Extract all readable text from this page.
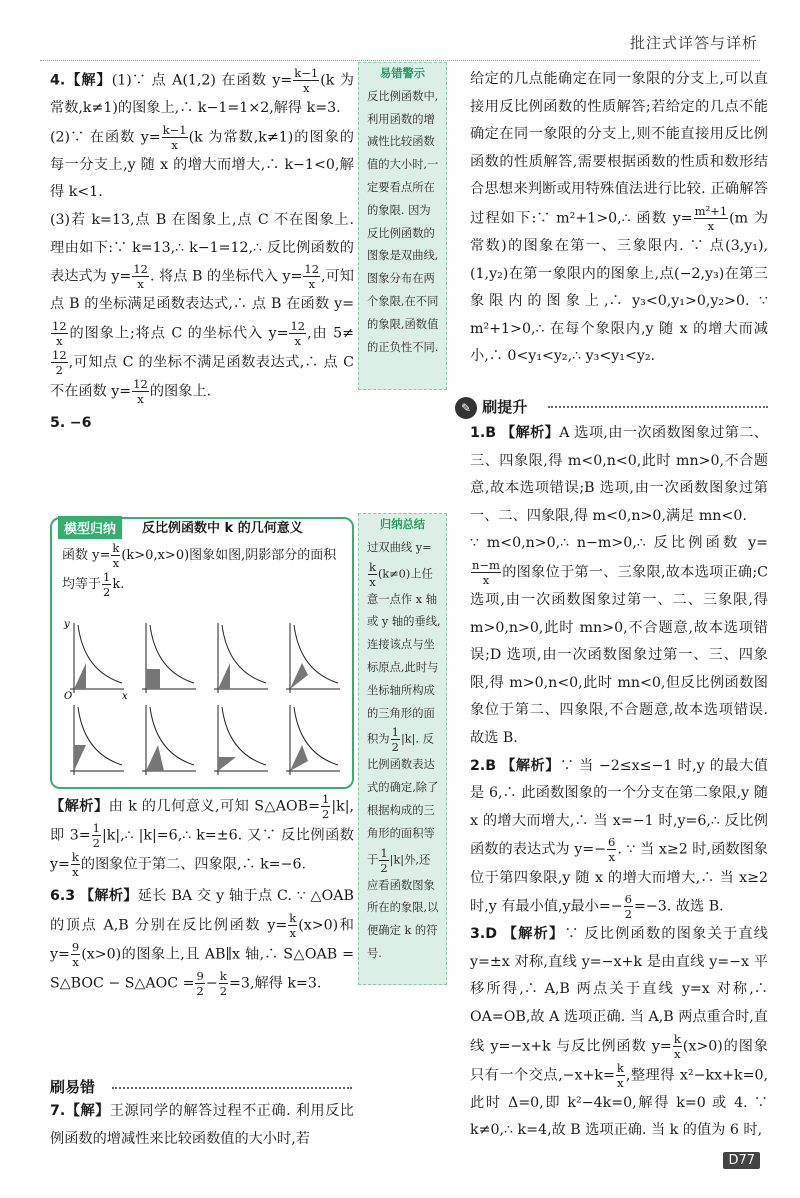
批注式详答与详析

4.【解】(1)∵ 点 A(1,2) 在函数 $y= \frac{k-1}{x} (k$ 为常数,k≠1)的图象上,∴ k−1=1×2,解得 k=3.

(2)∵ 在函数 $y= \frac{k-1}{x} (k$ 为常数,k≠1)的图象的每一分支上,y 随 x 的增大而增大,∴ k−1<0,解得 k<1.

(3)若 k=13,点 B 在图象上,点 C 不在图象上. 理由如下:∵ k=13,∴ k−1=12,∴ 反比例函数的表达式为 $y= \frac{12}{x}$ . 将点 B 的坐标代入 $y= \frac{12}{x}$ ,可知点 B 的坐标满足函数表达式,∴ 点 B 在函数 y=
$\frac{12}{x}$ 的图象上;将点 C 的坐标代入 $y= \frac{12}{x}$ ,由 5≠
$\frac{12}{2}$ ,可知点 C 的坐标不满足函数表达式,∴ 点 C 不在函数 $y= \frac{12}{x}$ 的图象上.

5. −6

模型归纳	反比例函数中 k 的几何意义
函数 $y= \frac{k}{x} (k>0,x>0)$图象如图,阴影部分的面积均等于 $\frac{1}{2} k$.
y
x
O

【解析】由 k 的几何意义,可知 S△AOB= $\frac{1}{2} |k|$,即 $3= \frac{1}{2}$ |k|,∴ |k|=6,∴ k=±6. 又∵ 反比例函数 $y= \frac{k}{x}$ 的图象位于第二、四象限,∴ k=−6.

6.3 【解析】延长 BA 交 y 轴于点 C. ∵ △OAB 的顶点 A,B 分别在反比例函数 $y= \frac{k}{x} (x>0)$和 $y= \frac{9}{x} (x>0)$的图象上,且 AB∥x 轴,∴ S△OAB = S△BOC − S△AOC = $\frac{9}{2} - \frac{k}{2} =3$,解得 k=3.

刷易错

7.【解】王源同学的解答过程不正确. 利用反比例函数的增减性来比较函数值的大小时,若

易错警示
反比例函数中,利用函数的增减性比较函数值的大小时,一定要看点所在的象限. 因为反比例函数的图象是双曲线,图象分布在两个象限,在不同的象限,函数值的正负性不同.
归纳总结
过双曲线 y=
$\frac{k}{x} (k\ne 0)$上任意一点作 x 轴或 y 轴的垂线,连接该点与坐标原点,此时与坐标轴所构成的三角形的面积为 $\frac{1}{2} |k|$. 反比例函数表达式的确定,除了根据构成的三角形的面积等于 $\frac{1}{2} |k|$外,还应看函数图象所在的象限,以便确定 k 的符号.

给定的几点能确定在同一象限的分支上,可以直接用反比例函数的性质解答;若给定的几点不能确定在同一象限的分支上,则不能直接用反比例函数的性质解答,需要根据函数的性质和数形结合思想来判断或用特殊值法进行比较. 正确解答过程如下:∵ m²+1>0,∴ 函数 $y= \frac{\text{m²+1}}{x} (m$ 为常数)的图象在第一、三象限内. ∵ 点(3,y₁),(1,y₂)在第一象限内的图象上,点(−2,y₃)在第三象限内的图象上,∴ y₃<0,y₁>0,y₂>0. ∵ m²+1>0,∴ 在每个象限内,y 随 x 的增大而减小,∴ 0<y₁<y₂,∴ y₃<y₁<y₂.

✎ 刷提升

1.B 【解析】A 选项,由一次函数图象过第二、三、四象限,得 m<0,n<0,此时 mn>0,不合题意,故本选项错误;B 选项,由一次函数图象过第一、二、四象限,得 m<0,n>0,满足 mn<0.

∵ m<0,n>0,∴ n−m>0,∴ 反比例函数 y=
$\frac{n-m}{x}$ 的图象位于第一、三象限,故本选项正确;C 选项,由一次函数图象过第一、二、三象限,得 m>0,n>0,此时 mn>0,不合题意,故本选项错误;D 选项,由一次函数图象过第一、三、四象限,得 m>0,n<0,此时 mn<0,但反比例函数图象位于第二、四象限,不合题意,故本选项错误. 故选 B.

2.B 【解析】∵ 当 −2≤x≤−1 时,y 的最大值是 6,∴ 此函数图象的一个分支在第二象限,y 随 x 的增大而增大,∴ 当 x=−1 时,y=6,∴ 反比例函数的表达式为 $y=- \frac{6}{x}$ . ∵ 当 x≥2 时,函数图象位于第四象限,y 随 x 的增大而增大,∴ 当 x≥2 时,y 有最小值,y最小=− $\frac{6}{2} =-3$. 故选 B.

3.D 【解析】∵ 反比例函数的图象关于直线 y=±x 对称,直线 y=−x+k 是由直线 y=−x 平移所得,∴ A,B 两点关于直线 y=x 对称,∴ OA=OB,故 A 选项正确. 当 A,B 两点重合时,直线 y=−x+k 与反比例函数 $y= \frac{k}{x} (x>0)$的图象只有一个交点$,-x+k= \frac{k}{x}$ ,整理得 x²−kx+k=0,此时 Δ=0,即 k²−4k=0,解得 k=0 或 4. ∵ k≠0,∴ k=4,故 B 选项正确. 当 k 的值为 6 时,

D77
